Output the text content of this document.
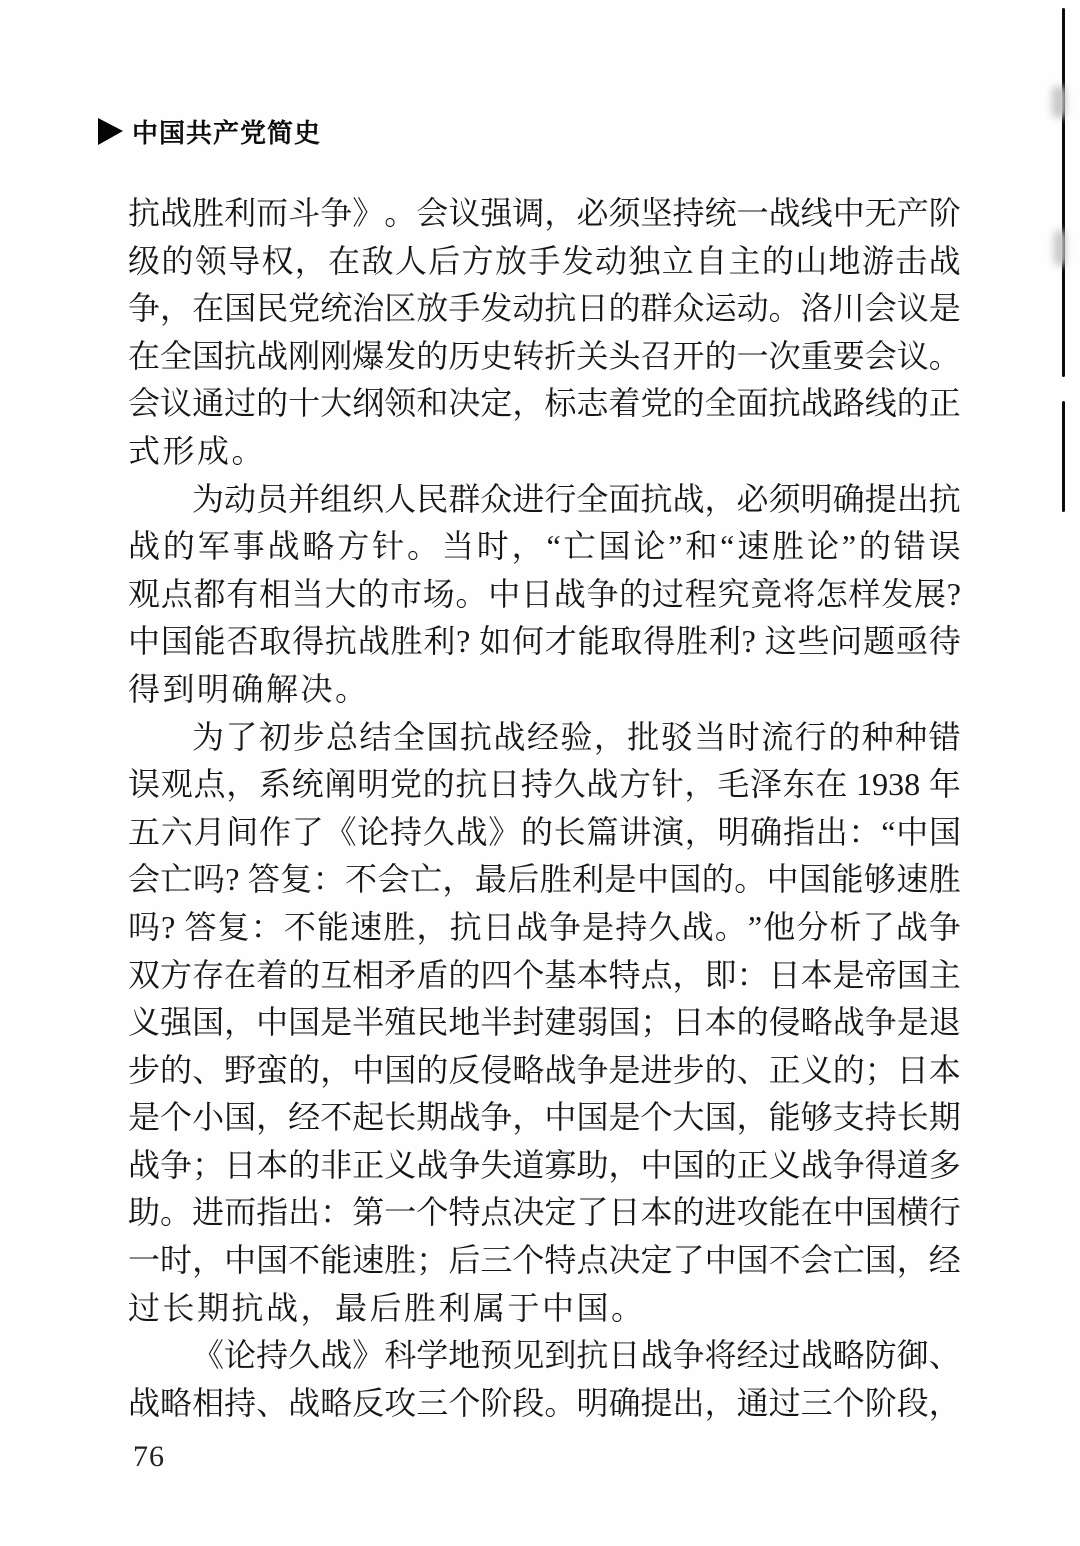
中国共产党简史
抗 战 胜 利 而 斗 争 》 。 会 议 强 调 ， 必 须 坚 持 统 一 战 线 中 无 产 阶
级 的 领 导 权 ， 在 敌 人 后 方 放 手 发 动 独 立 自 主 的 山 地 游 击 战
争 ， 在 国 民 党 统 治 区 放 手 发 动 抗 日 的 群 众 运 动 。 洛 川 会 议 是
在 全 国 抗 战 刚 刚 爆 发 的 历 史 转 折 关 头 召 开 的 一 次 重 要 会 议 。
会 议 通 过 的 十 大 纲 领 和 决 定 ， 标 志 着 党 的 全 面 抗 战 路 线 的 正
式形成。
为 动 员 并 组 织 人 民 群 众 进 行 全 面 抗 战 ， 必 须 明 确 提 出 抗
战 的 军 事 战 略 方 针 。 当 时 ， “ 亡 国 论 ” 和 “ 速 胜 论 ” 的 错 误
观 点 都 有 相 当 大 的 市 场 。 中 日 战 争 的 过 程 究 竟 将 怎 样 发 展 ?
中 国 能 否 取 得 抗 战 胜 利 ? 如 何 才 能 取 得 胜 利 ? 这 些 问 题 亟 待
得到明确解决。
为 了 初 步 总 结 全 国 抗 战 经 验 ， 批 驳 当 时 流 行 的 种 种 错
误 观 点 ， 系 统 阐 明 党 的 抗 日 持 久 战 方 针 ， 毛 泽 东 在 1938 年
五 六 月 间 作 了 《 论 持 久 战 》 的 长 篇 讲 演 ， 明 确 指 出 ： “ 中 国
会 亡 吗 ? 答 复 ： 不 会 亡 ， 最 后 胜 利 是 中 国 的 。 中 国 能 够 速 胜
吗 ? 答 复 ： 不 能 速 胜 ， 抗 日 战 争 是 持 久 战 。 ” 他 分 析 了 战 争
双 方 存 在 着 的 互 相 矛 盾 的 四 个 基 本 特 点 ， 即 ： 日 本 是 帝 国 主
义 强 国 ， 中 国 是 半 殖 民 地 半 封 建 弱 国 ； 日 本 的 侵 略 战 争 是 退
步 的 、 野 蛮 的 ， 中 国 的 反 侵 略 战 争 是 进 步 的 、 正 义 的 ； 日 本
是 个 小 国 ， 经 不 起 长 期 战 争 ， 中 国 是 个 大 国 ， 能 够 支 持 长 期
战 争 ； 日 本 的 非 正 义 战 争 失 道 寡 助 ， 中 国 的 正 义 战 争 得 道 多
助 。 进 而 指 出 ： 第 一 个 特 点 决 定 了 日 本 的 进 攻 能 在 中 国 横 行
一 时 ， 中 国 不 能 速 胜 ； 后 三 个 特 点 决 定 了 中 国 不 会 亡 国 ， 经
过长期抗战，最后胜利属于中国。
《 论 持 久 战 》 科 学 地 预 见 到 抗 日 战 争 将 经 过 战 略 防 御 、
战 略 相 持 、 战 略 反 攻 三 个 阶 段 。 明 确 提 出 ， 通 过 三 个 阶 段 ，
76
